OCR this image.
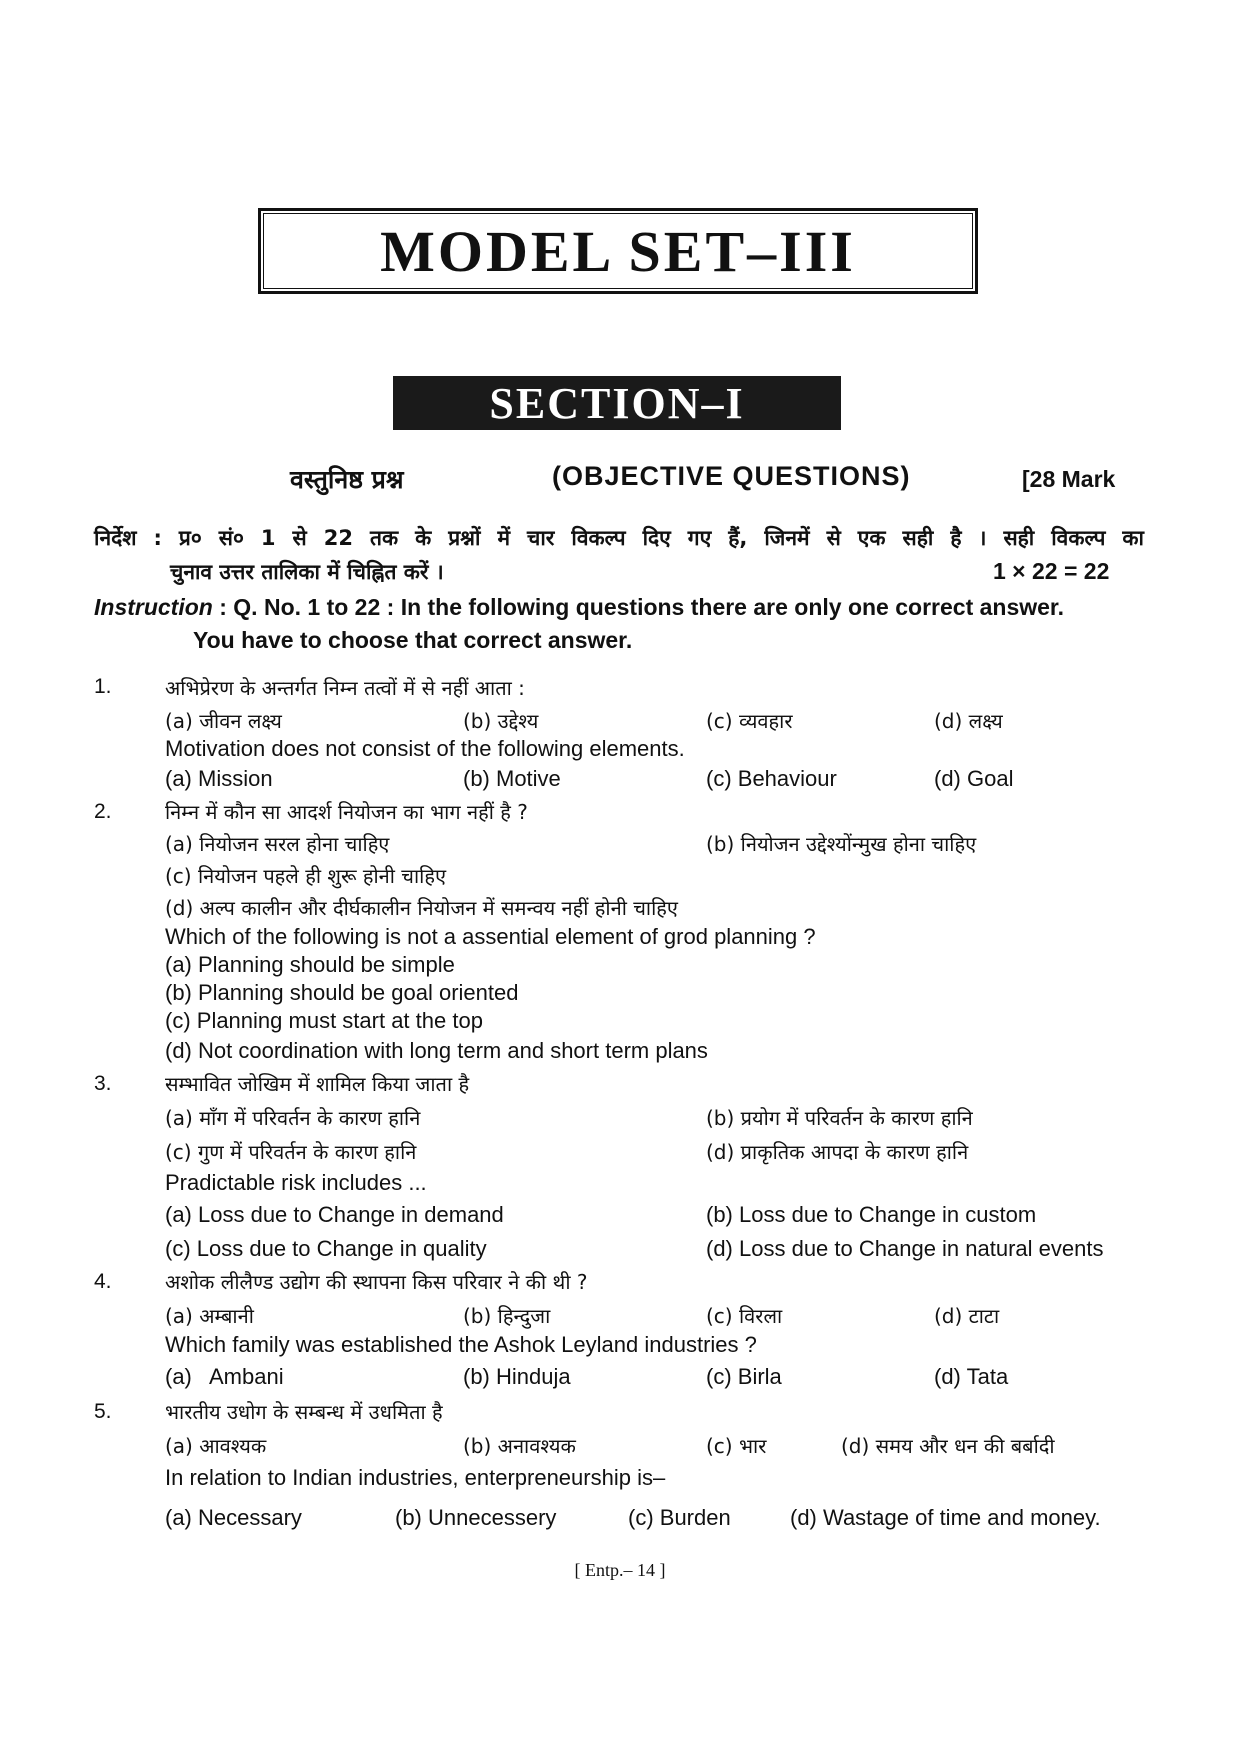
MODEL SET–III
SECTION–I
वस्तुनिष्ठ प्रश्न	(OBJECTIVE QUESTIONS)	[28 Mark
निर्देश : प्र० सं० 1 से 22 तक के प्रश्नों में चार विकल्प दिए गए हैं, जिनमें से एक सही है । सही विकल्प का
चुनाव उत्तर तालिका में चिह्नित करें ।	1 × 22 = 22
Instruction : Q. No. 1 to 22 : In the following questions there are only one correct answer.
You have to choose that correct answer.
1.	अभिप्रेरण के अन्तर्गत निम्न तत्वों में से नहीं आता :
(a) जीवन लक्ष्य	(b) उद्देश्य	(c) व्यवहार	(d) लक्ष्य
Motivation does not consist of the following elements.
(a) Mission	(b) Motive	(c) Behaviour	(d) Goal
2.	निम्न में कौन सा आदर्श नियोजन का भाग नहीं है ?
(a) नियोजन सरल होना चाहिए	(b) नियोजन उद्देश्योंन्मुख होना चाहिए
(c) नियोजन पहले ही शुरू होनी चाहिए
(d) अल्प कालीन और दीर्घकालीन नियोजन में समन्वय नहीं होनी चाहिए
Which of the following is not a assential element of grod planning ?
(a) Planning should be simple
(b) Planning should be goal oriented
(c) Planning must start at the top
(d) Not coordination with long term and short term plans
3.	सम्भावित जोखिम में शामिल किया जाता है
(a) माँग में परिवर्तन के कारण हानि	(b) प्रयोग में परिवर्तन के कारण हानि
(c) गुण में परिवर्तन के कारण हानि	(d) प्राकृतिक आपदा के कारण हानि
Pradictable risk includes ...
(a) Loss due to Change in demand	(b) Loss due to Change in custom
(c) Loss due to Change in quality	(d) Loss due to Change in natural events
4.	अशोक लीलैण्ड उद्योग की स्थापना किस परिवार ने की थी ?
(a) अम्बानी	(b) हिन्दुजा	(c) विरला	(d) टाटा
Which family was established the Ashok Leyland industries ?
(a)   Ambani	(b) Hinduja	(c) Birla	(d) Tata
5.	भारतीय उधोग के सम्बन्ध में उधमिता है
(a) आवश्यक	(b) अनावश्यक	(c) भार	(d) समय और धन की बर्बादी
In relation to Indian industries, enterpreneurship is–
(a) Necessary	(b) Unnecessery	(c) Burden	(d) Wastage of time and money.
[ Entp.– 14 ]
